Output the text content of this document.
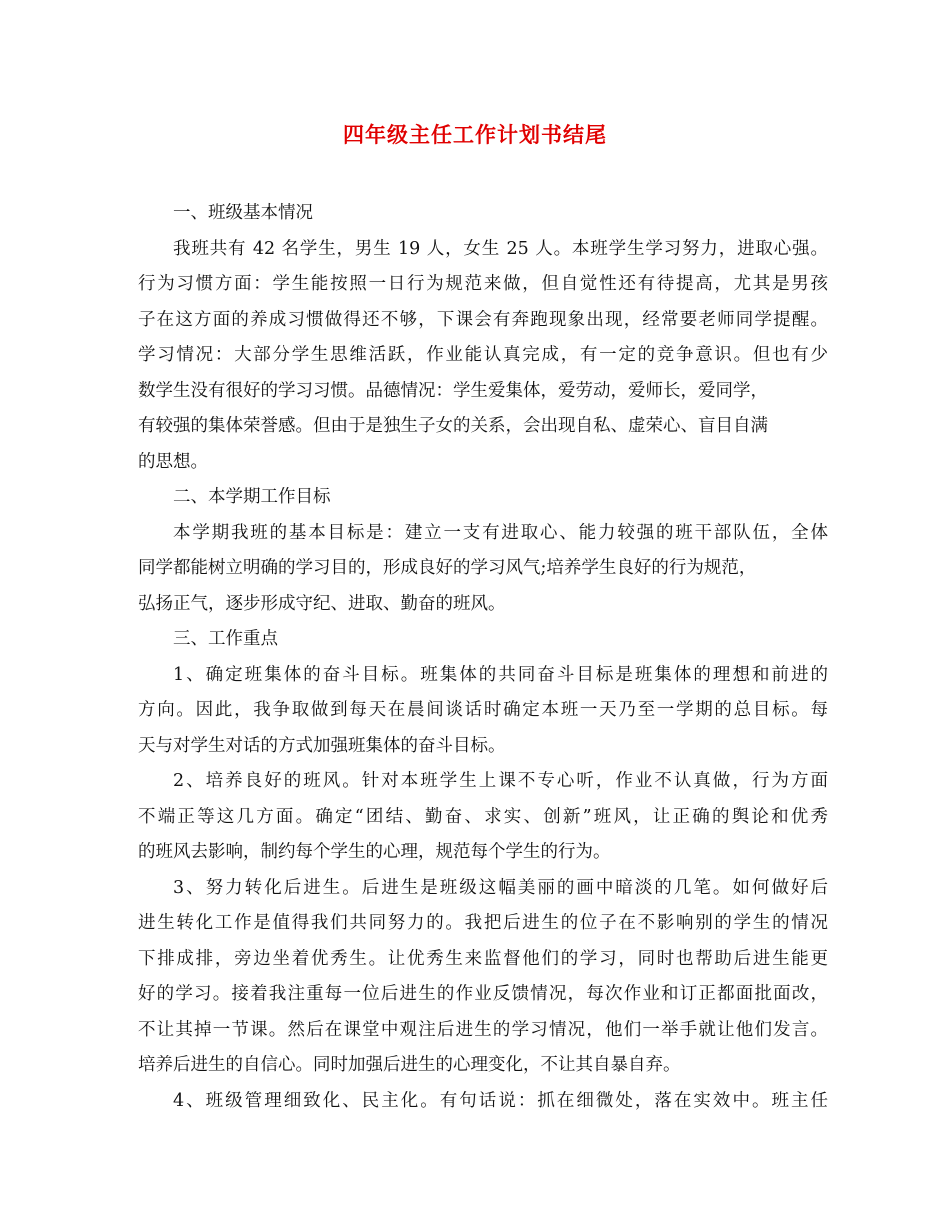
四年级主任工作计划书结尾
一、班级基本情况
我班共有 42 名学生，男生 19 人，女生 25 人。本班学生学习努力，进取心强。
行为习惯方面：学生能按照一日行为规范来做，但自觉性还有待提高，尤其是男孩
子在这方面的养成习惯做得还不够，下课会有奔跑现象出现，经常要老师同学提醒。
学习情况：大部分学生思维活跃，作业能认真完成，有一定的竞争意识。但也有少
数学生没有很好的学习习惯。品德情况：学生爱集体，爱劳动，爱师长，爱同学，
有较强的集体荣誉感。但由于是独生子女的关系，会出现自私、虚荣心、盲目自满
的思想。
二、本学期工作目标
本学期我班的基本目标是：建立一支有进取心、能力较强的班干部队伍，全体
同学都能树立明确的学习目的，形成良好的学习风气;培养学生良好的行为规范，
弘扬正气，逐步形成守纪、进取、勤奋的班风。
三、工作重点
1、确定班集体的奋斗目标。班集体的共同奋斗目标是班集体的理想和前进的
方向。因此，我争取做到每天在晨间谈话时确定本班一天乃至一学期的总目标。每
天与对学生对话的方式加强班集体的奋斗目标。
2、培养良好的班风。针对本班学生上课不专心听，作业不认真做，行为方面
不端正等这几方面。确定“团结、勤奋、求实、创新”班风，让正确的舆论和优秀
的班风去影响，制约每个学生的心理，规范每个学生的行为。
3、努力转化后进生。后进生是班级这幅美丽的画中暗淡的几笔。如何做好后
进生转化工作是值得我们共同努力的。我把后进生的位子在不影响别的学生的情况
下排成排，旁边坐着优秀生。让优秀生来监督他们的学习，同时也帮助后进生能更
好的学习。接着我注重每一位后进生的作业反馈情况，每次作业和订正都面批面改，
不让其掉一节课。然后在课堂中观注后进生的学习情况，他们一举手就让他们发言。
培养后进生的自信心。同时加强后进生的心理变化，不让其自暴自弃。
4、班级管理细致化、民主化。有句话说：抓在细微处，落在实效中。班主任
